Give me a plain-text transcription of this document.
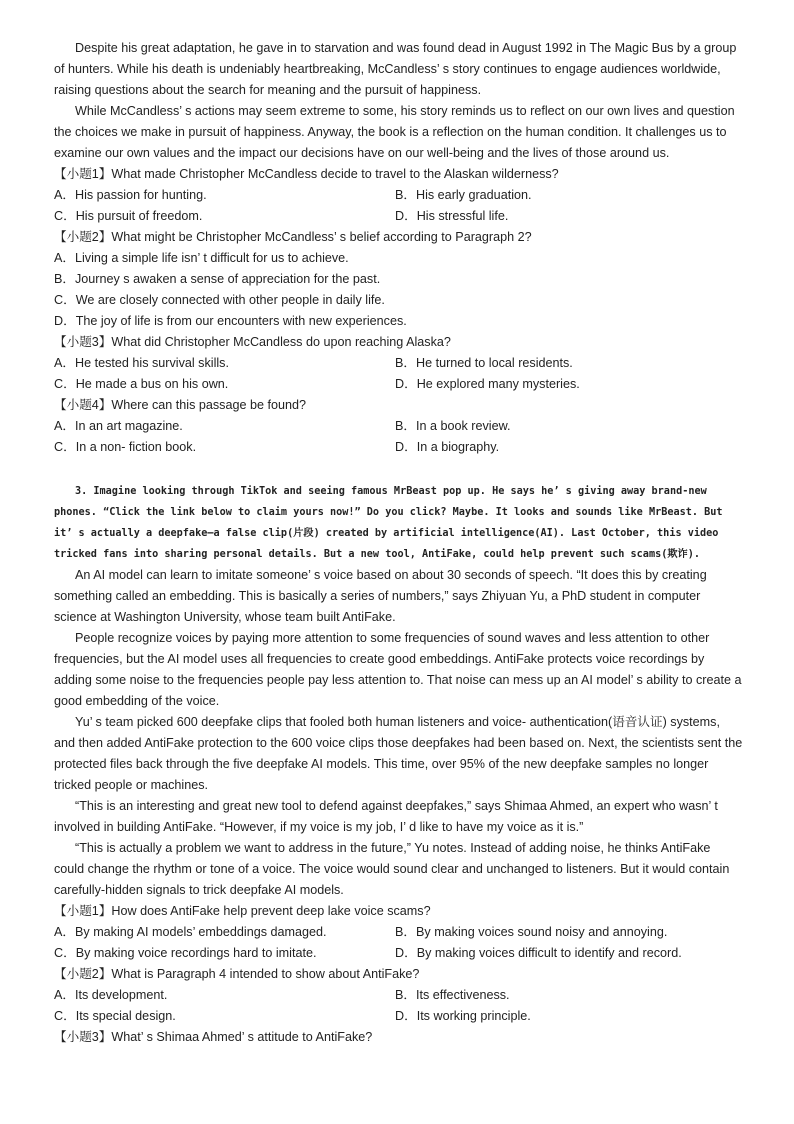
Despite his great adaptation, he gave in to starvation and was found dead in August 1992 in The Magic Bus by a group of hunters. While his death is undeniably heartbreaking, McCandless’ s story continues to engage audiences worldwide, raising questions about the search for meaning and the pursuit of happiness.

While McCandless’ s actions may seem extreme to some, his story reminds us to reflect on our own lives and question the choices we make in pursuit of happiness. Anyway, the book is a reflection on the human condition. It challenges us to examine our own values and the impact our decisions have on our well-being and the lives of those around us.

【小题1】What made Christopher McCandless decide to travel to the Alaskan wilderness?

A．His passion for hunting.	B．His early graduation.

C．His pursuit of freedom.	D．His stressful life.

【小题2】What might be Christopher McCandless’ s belief according to Paragraph 2?

A．Living a simple life isn’ t difficult for us to achieve.

B．Journey s awaken a sense of appreciation for the past.

C．We are closely connected with other people in daily life.

D．The joy of life is from our encounters with new experiences.

【小题3】What did Christopher McCandless do upon reaching Alaska?

A．He tested his survival skills.	B．He turned to local residents.

C．He made a bus on his own.	D．He explored many mysteries.

【小题4】Where can this passage be found?

A．In an art magazine.	B．In a book review.

C．In a non- fiction book.	D．In a biography.

3. Imagine looking through TikTok and seeing famous MrBeast pop up. He says he’ s giving away brand-new phones. “Click the link below to claim yours now!” Do you click? Maybe. It looks and sounds like MrBeast. But it’ s actually a deepfake—a false clip(片段) created by artificial intelligence(AI). Last October, this video tricked fans into sharing personal details. But a new tool, AntiFake, could help prevent such scams(欺诈).

An AI model can learn to imitate someone’ s voice based on about 30 seconds of speech. “It does this by creating something called an embedding. This is basically a series of numbers,” says Zhiyuan Yu, a PhD student in computer science at Washington University, whose team built AntiFake.

People recognize voices by paying more attention to some frequencies of sound waves and less attention to other frequencies, but the AI model uses all frequencies to create good embeddings. AntiFake protects voice recordings by adding some noise to the frequencies people pay less attention to. That noise can mess up an AI model’ s ability to create a good embedding of the voice.

Yu’ s team picked 600 deepfake clips that fooled both human listeners and voice- authentication(语音认证) systems, and then added AntiFake protection to the 600 voice clips those deepfakes had been based on. Next, the scientists sent the protected files back through the five deepfake AI models. This time, over 95% of the new deepfake samples no longer tricked people or machines.

“This is an interesting and great new tool to defend against deepfakes,” says Shimaa Ahmed, an expert who wasn’ t involved in building AntiFake. “However, if my voice is my job, I’ d like to have my voice as it is.”

“This is actually a problem we want to address in the future,” Yu notes. Instead of adding noise, he thinks AntiFake could change the rhythm or tone of a voice. The voice would sound clear and unchanged to listeners. But it would contain carefully-hidden signals to trick deepfake AI models.

【小题1】How does AntiFake help prevent deep lake voice scams?

A．By making AI models’ embeddings damaged.	B．By making voices sound noisy and annoying.

C．By making voice recordings hard to imitate.	D．By making voices difficult to identify and record.

【小题2】What is Paragraph 4 intended to show about AntiFake?

A．Its development.	B．Its effectiveness.

C．Its special design.	D．Its working principle.

【小题3】What’ s Shimaa Ahmed’ s attitude to AntiFake?
